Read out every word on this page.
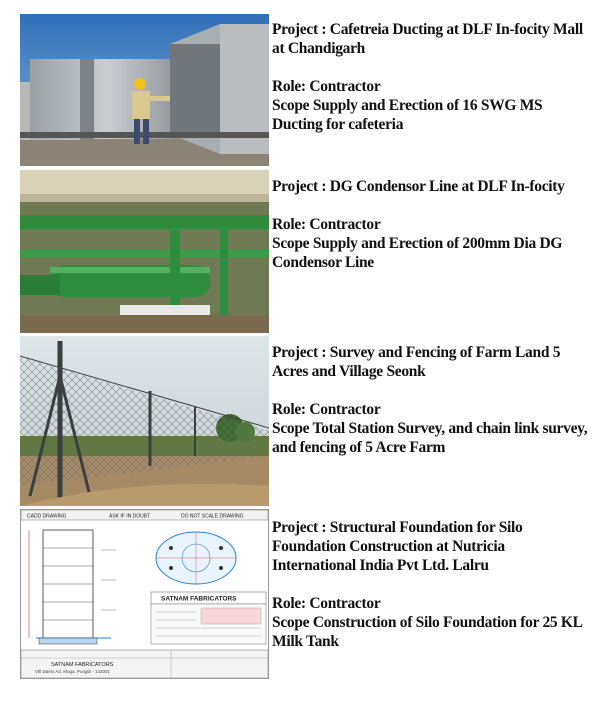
Project : Cafetreia Ducting at DLF In-focity Mall at Chandigarh

Role: Contractor

Scope Supply and Erection of 16 SWG MS Ducting for cafeteria

Project : DG Condensor Line at DLF In-focity

Role: Contractor

Scope Supply and Erection of 200mm Dia DG Condensor Line

Project : Survey and Fencing of Farm Land 5 Acres and Village Seonk

Role: Contractor

Scope Total Station Survey, and chain link survey, and fencing of 5 Acre Farm

CADD DRAWING	ASK IF IN DOUBT	DO NOT SCALE DRAWING
SATNAM FABRICATORS
SATNAM FABRICATORS
VIll Dams Ad, Moga, Punjab - 142001

Project : Structural Foundation for Silo Foundation Construction at Nutricia International India Pvt Ltd. Lalru

Role: Contractor

Scope Construction of Silo Foundation for 25 KL Milk Tank
